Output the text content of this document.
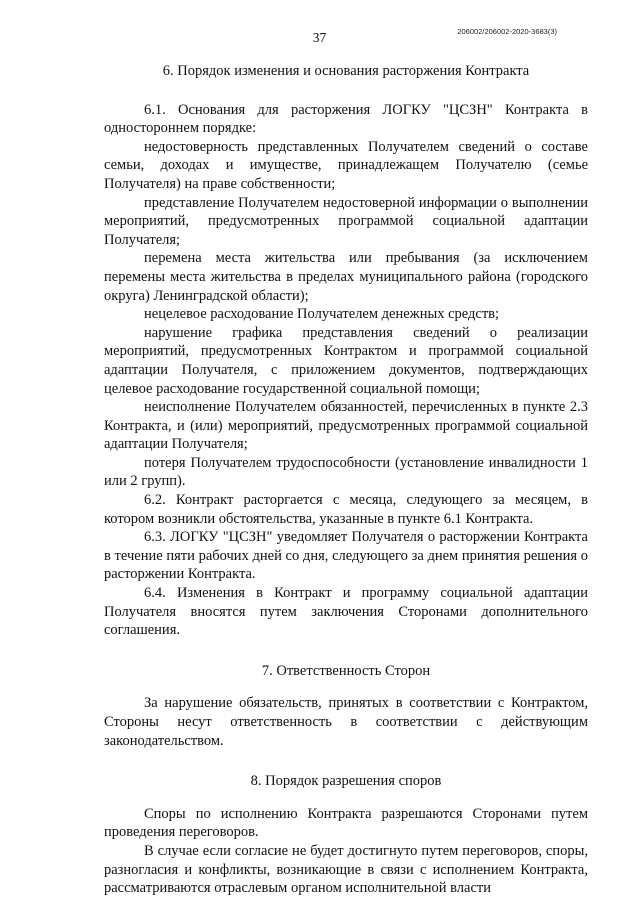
206002/206002-2020-3683(3)
37
6. Порядок изменения и основания расторжения Контракта

6.1. Основания для расторжения ЛОГКУ "ЦСЗН" Контракта в одностороннем порядке:

недостоверность представленных Получателем сведений о составе семьи, доходах и имуществе, принадлежащем Получателю (семье Получателя) на праве собственности;

представление Получателем недостоверной информации о выполнении мероприятий, предусмотренных программой социальной адаптации Получателя;

перемена места жительства или пребывания (за исключением перемены места жительства в пределах муниципального района (городского округа) Ленинградской области);

нецелевое расходование Получателем денежных средств;

нарушение графика представления сведений о реализации мероприятий, предусмотренных Контрактом и программой социальной адаптации Получателя, с приложением документов, подтверждающих целевое расходование государственной социальной помощи;

неисполнение Получателем обязанностей, перечисленных в пункте 2.3 Контракта, и (или) мероприятий, предусмотренных программой социальной адаптации Получателя;

потеря Получателем трудоспособности (установление инвалидности 1 или 2 групп).

6.2. Контракт расторгается с месяца, следующего за месяцем, в котором возникли обстоятельства, указанные в пункте 6.1 Контракта.

6.3. ЛОГКУ "ЦСЗН" уведомляет Получателя о расторжении Контракта в течение пяти рабочих дней со дня, следующего за днем принятия решения о расторжении Контракта.

6.4. Изменения в Контракт и программу социальной адаптации Получателя вносятся путем заключения Сторонами дополнительного соглашения.

7. Ответственность Сторон

За нарушение обязательств, принятых в соответствии с Контрактом, Стороны несут ответственность в соответствии с действующим законодательством.

8. Порядок разрешения споров

Споры по исполнению Контракта разрешаются Сторонами путем проведения переговоров.

В случае если согласие не будет достигнуто путем переговоров, споры, разногласия и конфликты, возникающие в связи с исполнением Контракта, рассматриваются отраслевым органом исполнительной власти
